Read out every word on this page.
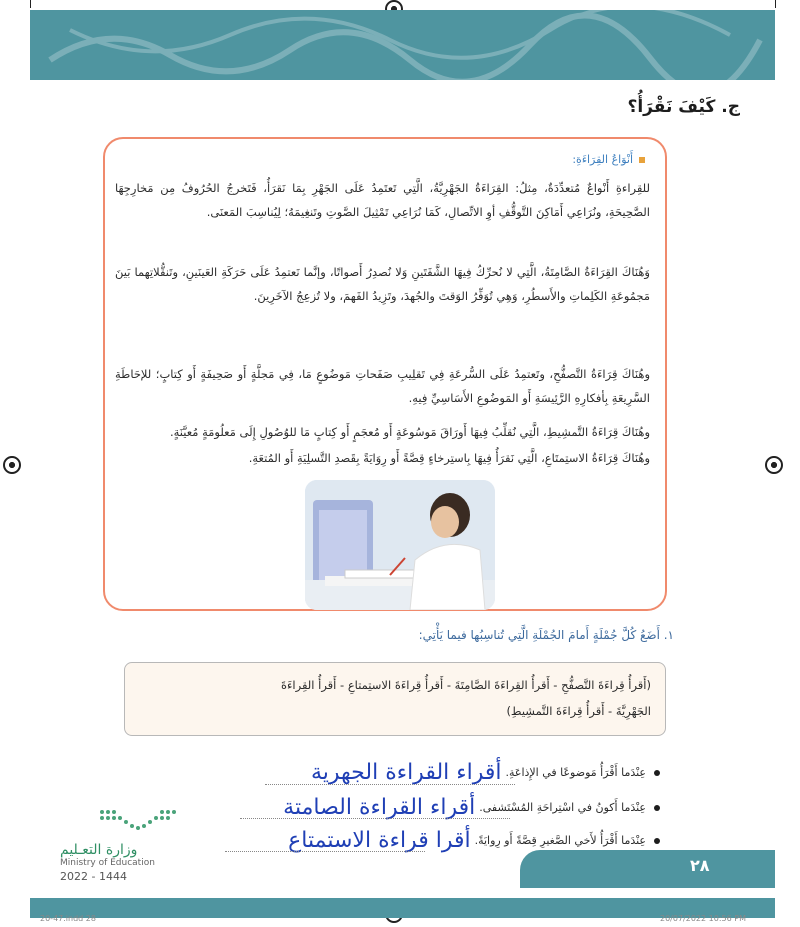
ج. كَيْفَ نَقْرَأُ؟
أَنْوَاعُ القِرَاءَةِ:
للقِراءةِ أَنْواعٌ مُتعدِّدَةٌ، مِثلُ: القِرَاءَةُ الجَهْرِيَّةُ، الَّتِي تَعتَمِدُ عَلَى الجَهْرِ بِمَا نَقرَأُ، فَتَخرجُ الحُرُوفُ مِن مَخارِجِهَا الصَّحِيحَةِ، ونُرَاعِي أَمَاكِنَ التَّوقُّفِ أوِ الاتِّصالِ، كَمَا نُرَاعِي تَمْثِيلَ الصَّوتِ وتَنغِيمَهُ؛ لِيُناسِبَ المَعنَى.
وَهُنَاكَ القِرَاءَةُ الصَّامِتَةُ، الَّتِي لا نُحرِّكُ فِيهَا الشَّفَتَينِ وَلا نُصدِرُ أَصواتًا، وإنَّما نَعتمِدُ عَلَى حَرَكَةِ العَينَينِ، وتَنقُّلاتِهما بَينَ مَجمُوعَةِ الكَلِماتِ والأَسطُرِ، وَهِي تُوَفِّرُ الوَقتَ والجُهدَ، وتَزِيدُ الفَهمَ، ولا تُزعِجُ الآخَرِينَ.
وهُنَاكَ قِرَاءَةُ التَّصفُّحِ، وتَعتمِدُ عَلَى السُّرعَةِ فِي تَقلِيبِ صَفَحاتِ مَوضُوعٍ مَا، فِي مَجلَّةٍ أَو صَحِيفَةٍ أَو كِتابٍ؛ للإحَاطَةِ السَّرِيعَةِ بِأفكارِهِ الرَّئِيسَةِ أَو المَوضُوعِ الأَسَاسِيِّ فِيهِ.
وهُنَاكَ قِرَاءَةُ التَّمشِيطِ، الَّتِي نُقلِّبُ فِيهَا أَورَاقَ مَوسُوعَةٍ أَو مُعجَمٍ أَو كِتابٍ مَا للوُصُولِ إِلَى مَعلُومَةٍ مُعيَّنَةٍ.
وهُنَاكَ قِرَاءَةُ الاستِمتَاعِ، الَّتِي نَقرَأُ فِيهَا بِاستِرخاءٍ قِصَّةً أَو رِوَايَةً بِقَصدِ التَّسلِيَةِ أَو المُتعَةِ.
١. أَضَعُ كُلَّ جُمْلَةٍ أَمامَ الجُمْلَةِ الَّتِي تُناسِبُها فيما يَأْتِي:

(أَقرأُ قِراءَةَ التَّصفُّحِ - أَقرأُ القِراءَةَ الصَّامِتَةَ - أَقرأُ قِراءَةَ الاستِمتاعِ - أَقرأُ القِراءَةَ

الجَهْرِيَّةَ - أَقرأُ قِراءَةَ التَّمشِيطِ)

عِنْدَما أَقْرَأُ مَوضوعًا في الإِذاعَةِ.أقراء القراءة الجهرية
عِنْدَما أَكونُ في اسْتِراحَةِ المُسْتَشفى.أقراء القراءة الصامتة
عِنْدَما أَقْرَأُ لأَخي الصَّغيرِ قِصَّةً أَو رِوايَةً.أقرا قراءة الاستمتاع
وزارة التعـليم
Ministry of Education
2022 - 1444
٢٨
20-47.indd 28	20/07/2022 10:56 PM
